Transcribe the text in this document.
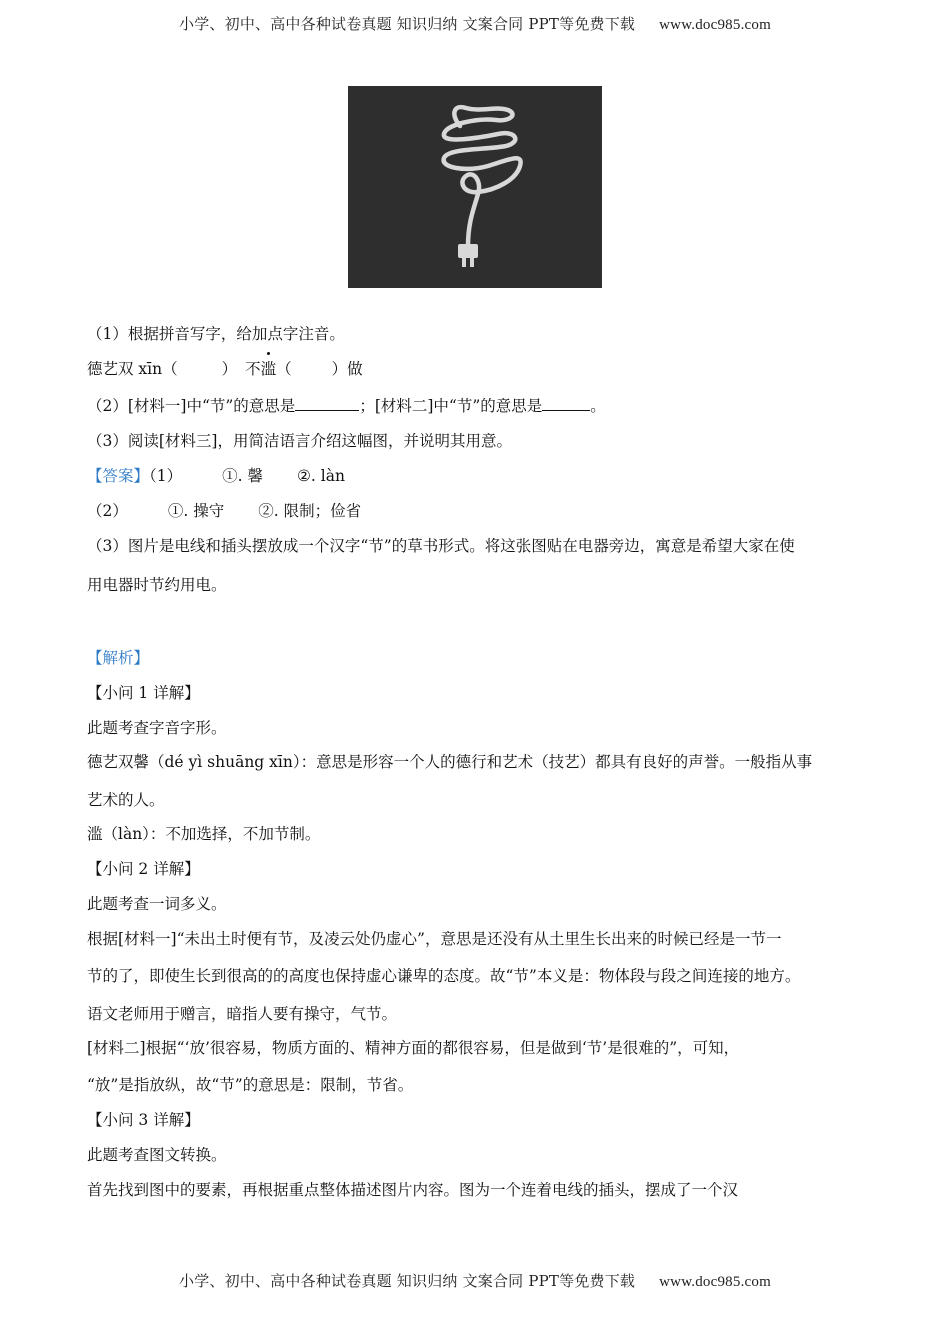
小学、初中、高中各种试卷真题 知识归纳 文案合同 PPT等免费下载 www.doc985.com
（1）根据拼音写字，给加点字注音。
德艺双 xīn（	） 不
滥（	）做
（2）[材料一]中“节”的意思是	；[材料二]中“节”的意思是	。
（3）阅读[材料三]，用简洁语言介绍这幅图，并说明其用意。
【答案】（1）	①. 馨 ②. làn
（2）	①. 操守 ②. 限制；俭省
（3）图片是电线和插头摆放成一个汉字“节”的草书形式。将这张图贴在电器旁边，寓意是希望大家在使
用电器时节约用电。
【解析】
【小问 1 详解】
此题考查字音字形。
德艺双馨（dé yì shuāng xīn）：意思是形容一个人的德行和艺术（技艺）都具有良好的声誉。一般指从事
艺术的人。
滥（làn）：不加选择，不加节制。
【小问 2 详解】
此题考查一词多义。
根据[材料一]“未出土时便有节，及凌云处仍虚心”，意思是还没有从土里生长出来的时候已经是一节一
节的了，即使生长到很高的的高度也保持虚心谦卑的态度。故“节”本义是：物体段与段之间连接的地方。
语文老师用于赠言，暗指人要有操守，气节。
[材料二]根据“‘放’很容易，物质方面的、精神方面的都很容易，但是做到‘节’是很难的”，可知，
“放”是指放纵，故“节”的意思是：限制，节省。
【小问 3 详解】
此题考查图文转换。
首先找到图中的要素，再根据重点整体描述图片内容。图为一个连着电线的插头，摆成了一个汉
小学、初中、高中各种试卷真题 知识归纳 文案合同 PPT等免费下载 www.doc985.com
